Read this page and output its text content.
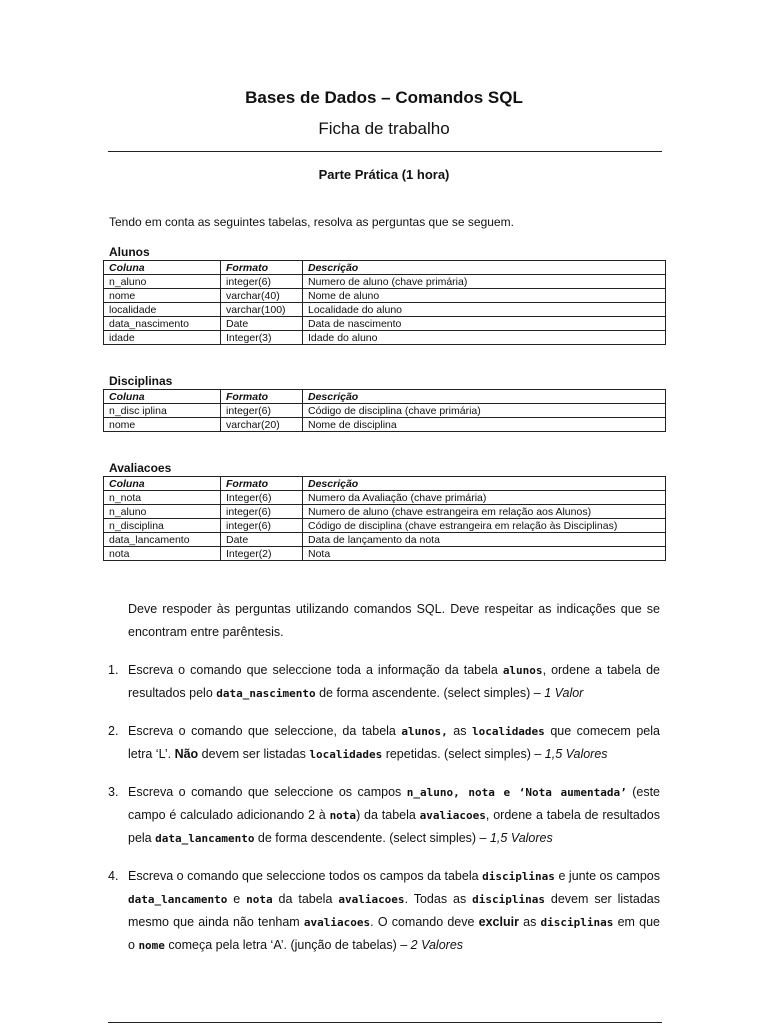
Bases de Dados – Comandos SQL
Ficha de trabalho
Parte Prática (1 hora)
Tendo em conta as seguintes tabelas, resolva as perguntas que se seguem.
Alunos
Coluna	Formato	Descrição
n_aluno	integer(6)	Numero de aluno (chave primária)
nome	varchar(40)	Nome de aluno
localidade	varchar(100)	Localidade do aluno
data_nascimento	Date	Data de nascimento
idade	Integer(3)	Idade do aluno
Disciplinas
Coluna	Formato	Descrição
n_disc iplina	integer(6)	Código de disciplina (chave primária)
nome	varchar(20)	Nome de disciplina
Avaliacoes
Coluna	Formato	Descrição
n_nota	Integer(6)	Numero da Avaliação (chave primária)
n_aluno	integer(6)	Numero de aluno (chave estrangeira em relação aos Alunos)
n_disciplina	integer(6)	Código de disciplina (chave estrangeira em relação às Disciplinas)
data_lancamento	Date	Data de lançamento da nota
nota	Integer(2)	Nota
Deve respoder às perguntas utilizando comandos SQL. Deve respeitar as indicações que se encontram entre parêntesis.
1. Escreva o comando que seleccione toda a informação da tabela alunos, ordene a tabela de resultados pelo data_nascimento de forma ascendente. (select simples) – 1 Valor
2. Escreva o comando que seleccione, da tabela alunos, as localidades que comecem pela letra ‘L’. Não devem ser listadas localidades repetidas. (select simples) – 1,5 Valores
3. Escreva o comando que seleccione os campos n_aluno, nota e ‘Nota aumentada’ (este campo é calculado adicionando 2 à nota) da tabela avaliacoes, ordene a tabela de resultados pela data_lancamento de forma descendente. (select simples) – 1,5 Valores
4. Escreva o comando que seleccione todos os campos da tabela disciplinas e junte os campos data_lancamento e nota da tabela avaliacoes. Todas as disciplinas devem ser listadas mesmo que ainda não tenham avaliacoes. O comando deve excluir as disciplinas em que o nome começa pela letra ‘A’. (junção de tabelas) – 2 Valores
